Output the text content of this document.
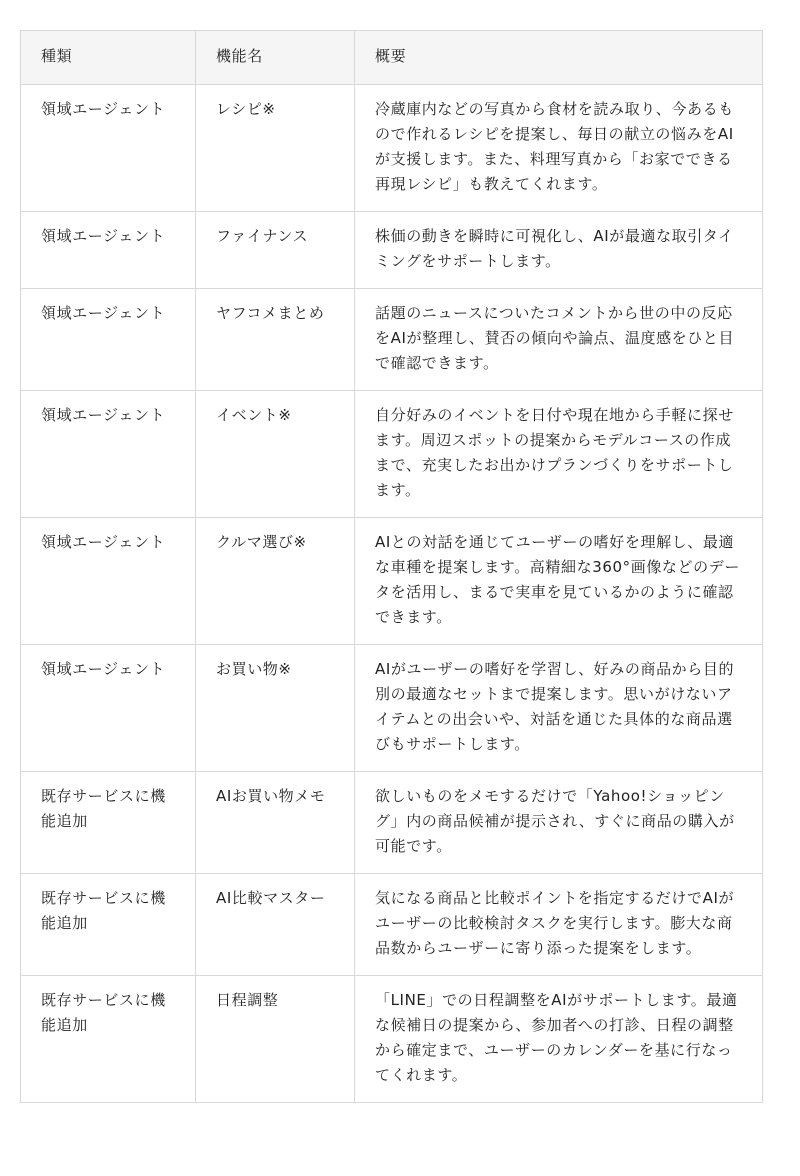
種類	機能名	概要
領域エージェント	レシピ※	冷蔵庫内などの写真から食材を読み取り、今あるもので作れるレシピを提案し、毎日の献立の悩みをAIが支援します。また、料理写真から「お家でできる再現レシピ」も教えてくれます。
領域エージェント	ファイナンス	株価の動きを瞬時に可視化し、AIが最適な取引タイミングをサポートします。
領域エージェント	ヤフコメまとめ	話題のニュースについたコメントから世の中の反応をAIが整理し、賛否の傾向や論点、温度感をひと目で確認できます。
領域エージェント	イベント※	自分好みのイベントを日付や現在地から手軽に探せます。周辺スポットの提案からモデルコースの作成まで、充実したお出かけプランづくりをサポートします。
領域エージェント	クルマ選び※	AIとの対話を通じてユーザーの嗜好を理解し、最適な車種を提案します。高精細な360°画像などのデータを活用し、まるで実車を見ているかのように確認できます。
領域エージェント	お買い物※	AIがユーザーの嗜好を学習し、好みの商品から目的別の最適なセットまで提案します。思いがけないアイテムとの出会いや、対話を通じた具体的な商品選びもサポートします。
既存サービスに機能追加	AIお買い物メモ	欲しいものをメモするだけで「Yahoo!ショッピング」内の商品候補が提示され、すぐに商品の購入が可能です。
既存サービスに機能追加	AI比較マスター	気になる商品と比較ポイントを指定するだけでAIがユーザーの比較検討タスクを実行します。膨大な商品数からユーザーに寄り添った提案をします。
既存サービスに機能追加	日程調整	「LINE」での日程調整をAIがサポートします。最適な候補日の提案から、参加者への打診、日程の調整から確定まで、ユーザーのカレンダーを基に行なってくれます。
